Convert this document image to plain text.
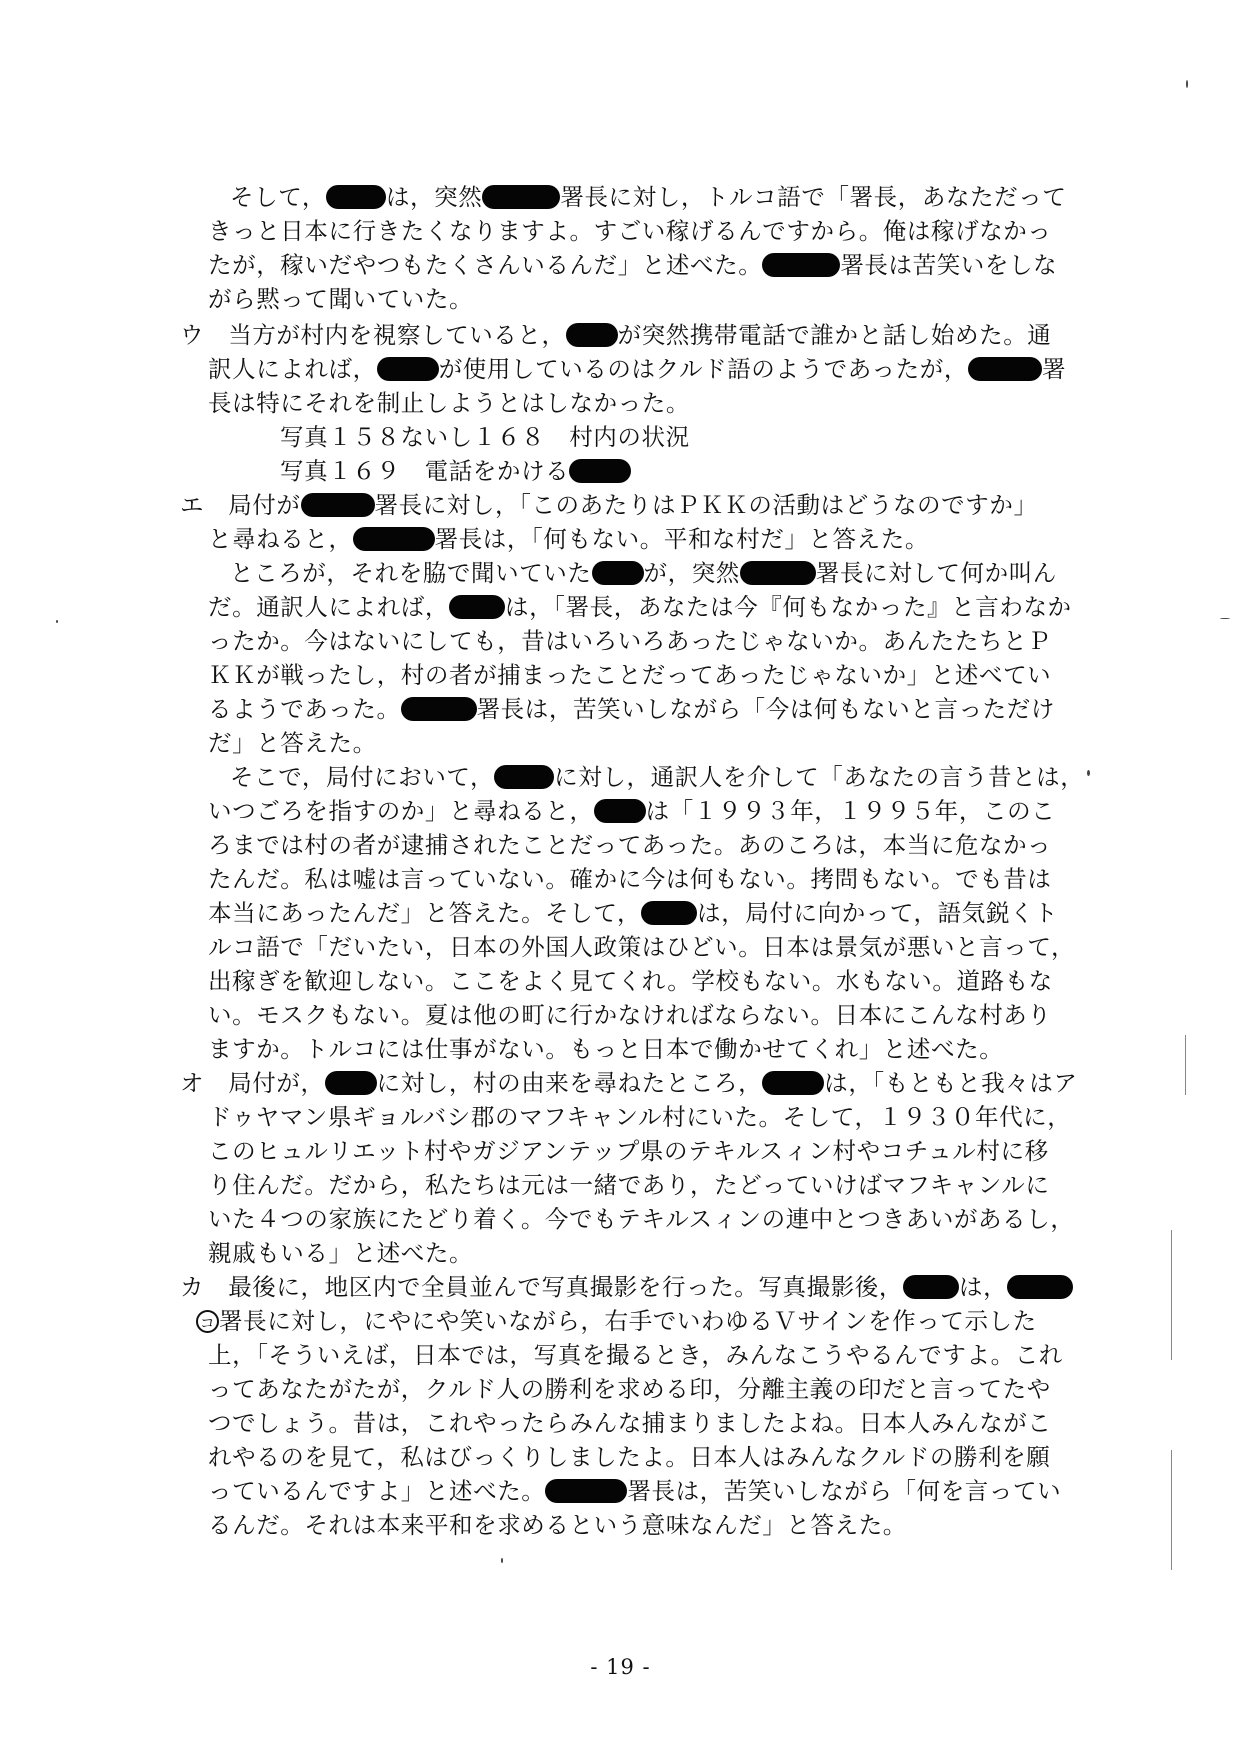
そして，	は，突然	署長に対し，トルコ語で「署長，あなただって
きっと日本に行きたくなりますよ。すごい稼げるんですから。俺は稼げなかっ
たが，稼いだやつもたくさんいるんだ」と述べた。	署長は苦笑いをしな
がら黙って聞いていた。
ウ　当方が村内を視察していると， が突然携帯電話で誰かと話し始めた。通
訳人によれば，	が使用しているのはクルド語のようであったが，	署
長は特にそれを制止しようとはしなかった。
写真１５８ないし１６８　村内の状況
写真１６９　電話をかける
エ　局付が	署長に対し，「このあたりはＰＫＫの活動はどうなのですか」
と尋ねると，	署長は，「何もない。平和な村だ」と答えた。
ところが，それを脇で聞いていた が，突然	署長に対して何か叫ん
だ。通訳人によれば， は，「署長，あなたは今『何もなかった』と言わなか
ったか。今はないにしても，昔はいろいろあったじゃないか。あんたたちとＰ
ＫＫが戦ったし，村の者が捕まったことだってあったじゃないか」と述べてい
るようであった。	署長は，苦笑いしながら「今は何もないと言っただけ
だ」と答えた。
そこで，局付において，	に対し，通訳人を介して「あなたの言う昔とは，
いつごろを指すのか」と尋ねると， は「１９９３年，１９９５年，このこ
ろまでは村の者が逮捕されたことだってあった。あのころは，本当に危なかっ
たんだ。私は嘘は言っていない。確かに今は何もない。拷問もない。でも昔は
本当にあったんだ」と答えた。そして， は，局付に向かって，語気鋭くト
ルコ語で「だいたい，日本の外国人政策はひどい。日本は景気が悪いと言って，
出稼ぎを歓迎しない。ここをよく見てくれ。学校もない。水もない。道路もな
い。モスクもない。夏は他の町に行かなければならない。日本にこんな村あり
ますか。トルコには仕事がない。もっと日本で働かせてくれ」と述べた。
オ　局付が， に対し，村の由来を尋ねたところ，	は，「もともと我々はア
ドゥヤマン県ギョルバシ郡のマフキャンル村にいた。そして，１９３０年代に，
このヒュルリエット村やガジアンテップ県のテキルスィン村やコチュル村に移
り住んだ。だから，私たちは元は一緒であり，たどっていけばマフキャンルに
いた４つの家族にたどり着く。今でもテキルスィンの連中とつきあいがあるし，
親戚もいる」と述べた。
カ　最後に，地区内で全員並んで写真撮影を行った。写真撮影後， は，
コ 署長に対し，にやにや笑いながら，右手でいわゆるＶサインを作って示した
上，「そういえば，日本では，写真を撮るとき，みんなこうやるんですよ。これ
ってあなたがたが，クルド人の勝利を求める印，分離主義の印だと言ってたや
つでしょう。昔は，これやったらみんな捕まりましたよね。日本人みんながこ
れやるのを見て，私はびっくりしましたよ。日本人はみんなクルドの勝利を願
っているんですよ」と述べた。	署長は，苦笑いしながら「何を言ってい
るんだ。それは本来平和を求めるという意味なんだ」と答えた。
- 19 -
